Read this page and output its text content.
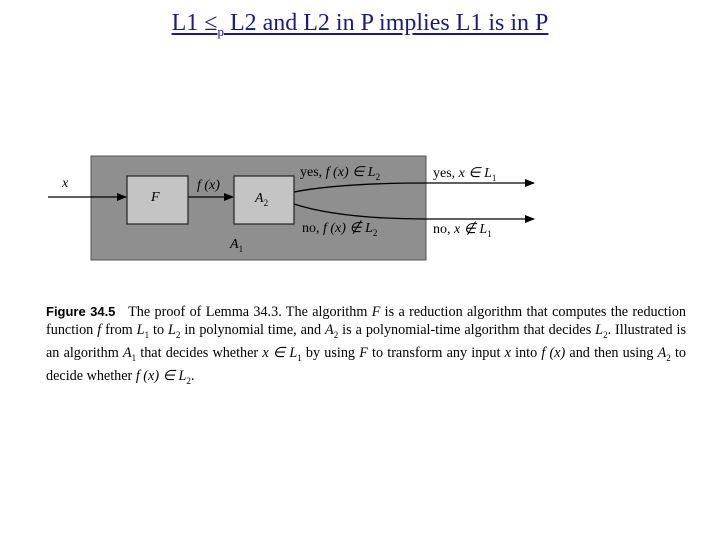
$L1 \le_p$ L2 and L2 in P implies L1 is in P
x
F
f (x)
$A_2$
$A_1$
yes, f (x) ∈ $L_2$
no, f (x) ∉ $L_2$
yes, x ∈ $L_1$
no, x ∉ $L_1$
Figure 34.5 The proof of Lemma 34.3. The algorithm F is a reduction algorithm that computes the reduction function f from $L_1$ to $L_2$ in polynomial time, and $A_2$ is a polynomial-time algorithm that decides $L_2$. Illustrated is an algorithm $A_1$ that decides whether x ∈ $L_1$ by using F to transform any input x into f (x) and then using $A_2$ to decide whether f (x) ∈ $L_2$.
